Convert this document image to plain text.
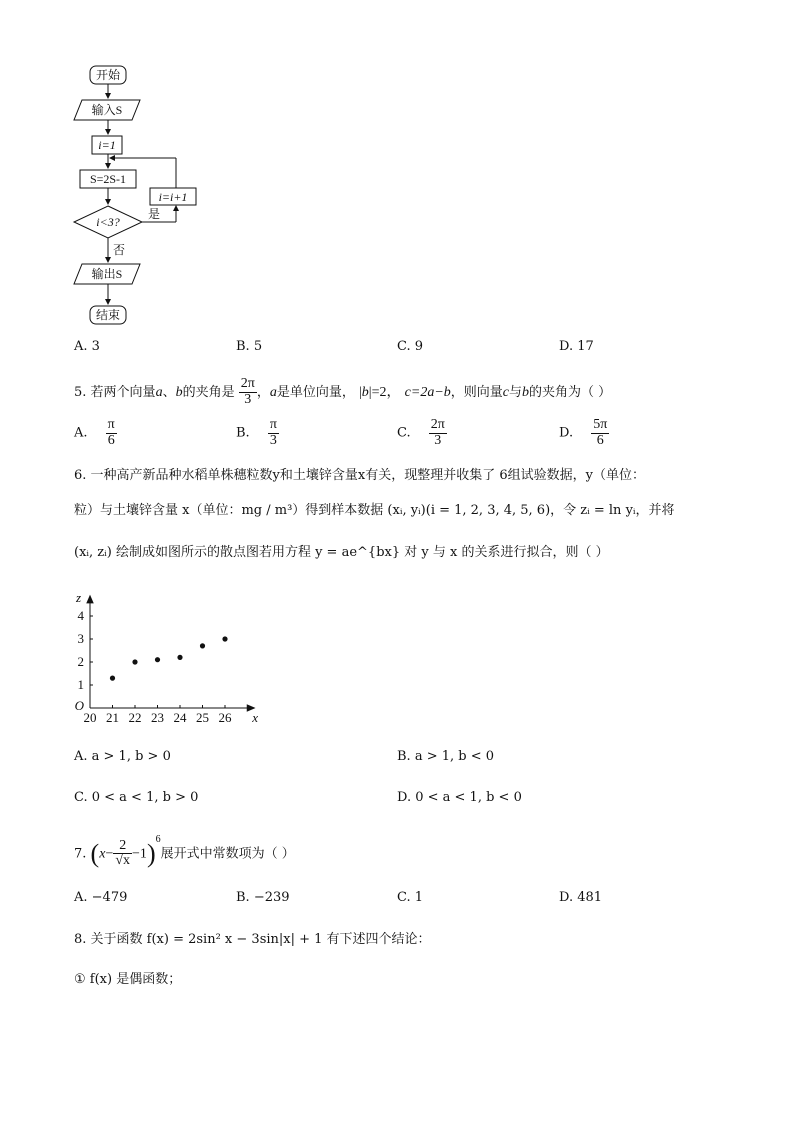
开始
输入S
i=1
S=2S-1
i<3?
i=i+1
是
否
输出S
结束
A. 3	B. 5	C. 9	D. 17
5. 若两个向量a、b的夹角是 $\frac{2\pi}{3}$ ，a是单位向量， |b|=2， c=2a−b，则向量c与b的夹角为（ ）
A. $\frac{\pi}{6}$	B. $\frac{\pi}{3}$	C. $\frac{2\pi}{3}$	D. $\frac{5\pi}{6}$
6. 一种高产新品种水稻单株穗粒数y和土壤锌含量x有关，现整理并收集了 6组试验数据，y（单位：
粒）与土壤锌含量 x（单位：mg / m³）得到样本数据 (xᵢ, yᵢ)(i = 1, 2, 3, 4, 5, 6)，令 zᵢ = ln yᵢ，并将
(xᵢ, zᵢ) 绘制成如图所示的散点图若用方程 y = ae^{bx} 对 y 与 x 的关系进行拟合，则（ ）
20 21 22 23 24 25 26
1
2
3
4
O
x
z
A. a > 1, b > 0	B. a > 1, b < 0
C. 0 < a < 1, b > 0	D. 0 < a < 1, b < 0
7. $(x- \frac{2}{√x} -1)^6$展开式中常数项为（ ）
A. −479	B. −239	C. 1	D. 481
8. 关于函数 f(x) = 2sin² x − 3sin|x| + 1 有下述四个结论：
① f(x) 是偶函数；
